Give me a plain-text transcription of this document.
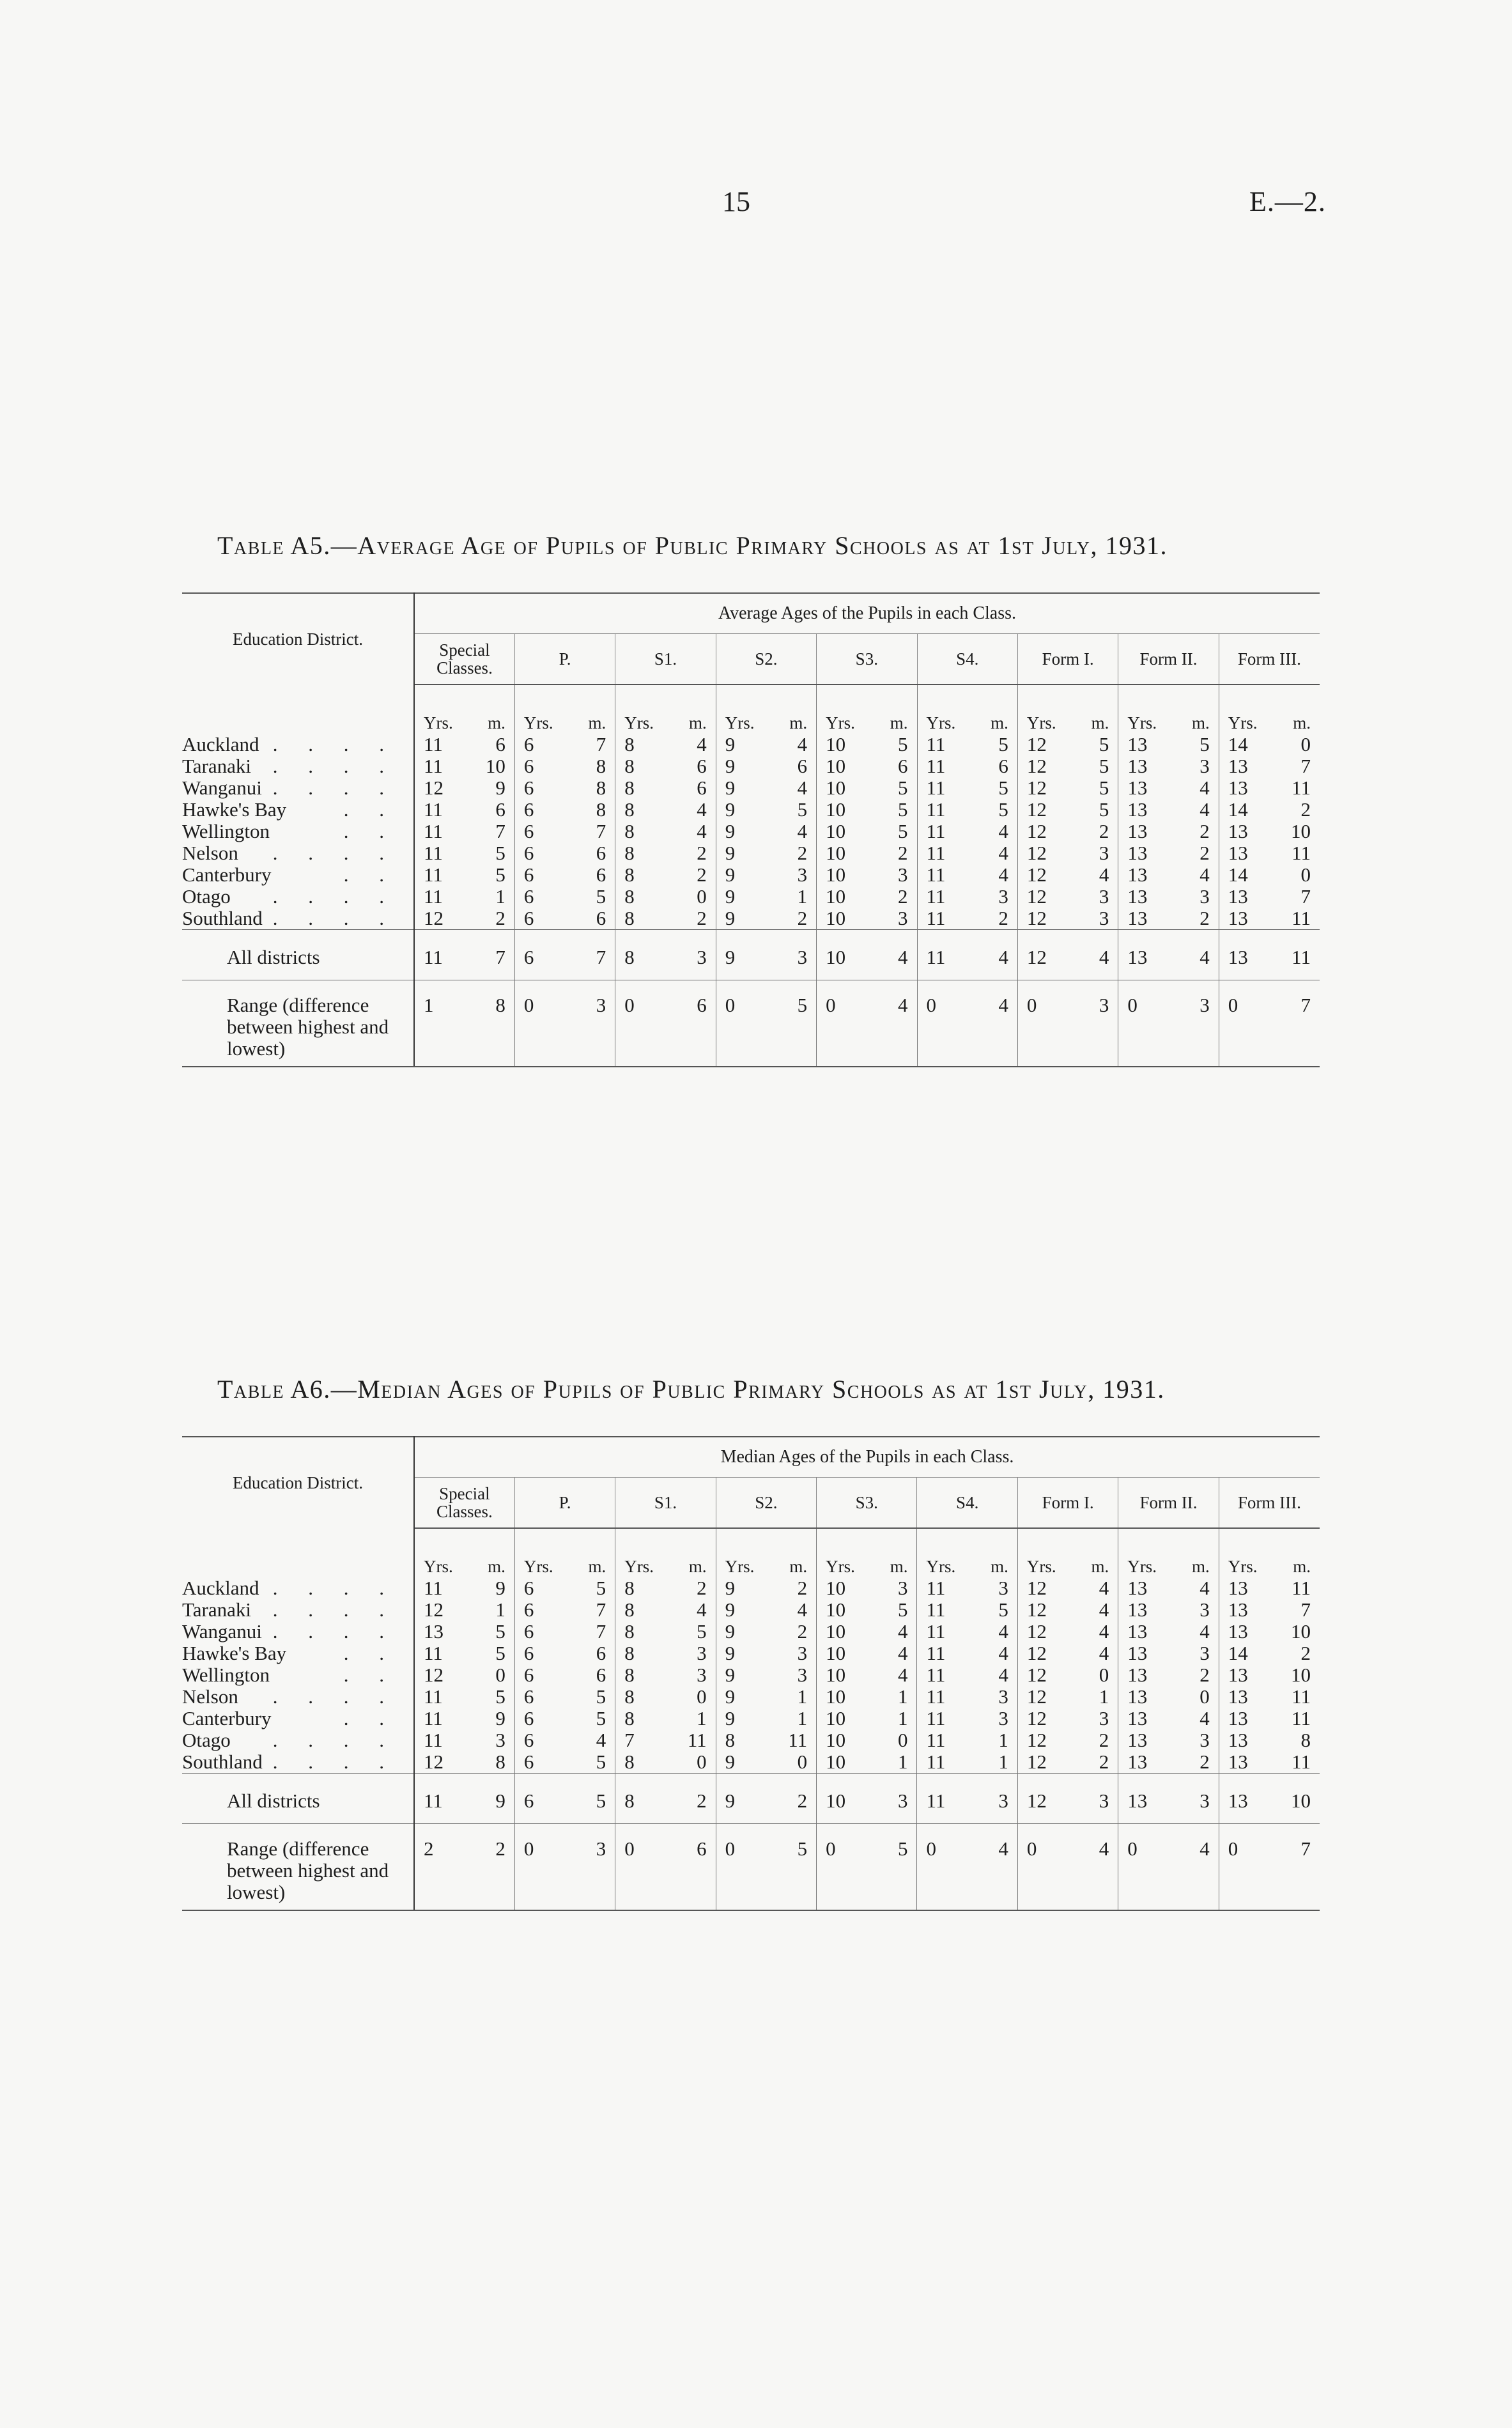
15	E.—2.
Table A5.—Average Age of Pupils of Public Primary Schools as at 1st July, 1931.
Education District.	Average Ages of the Pupils in each Class.																	
	Special Classes.		P.		S1.		S2.		S3.		S4.		Form I.		Form II.		Form III.	
	Yrs.	m.	Yrs.	m.	Yrs.	m.	Yrs.	m.	Yrs.	m.	Yrs.	m.	Yrs.	m.	Yrs.	m.	Yrs.	m.
Auckland . . . .	11	6	6	7	8	4	9	4	10	5	11	5	12	5	13	5	14	0
Taranaki . . . .	11	10	6	8	8	6	9	6	10	6	11	6	12	5	13	3	13	7
Wanganui . . . .	12	9	6	8	8	6	9	4	10	5	11	5	12	5	13	4	13	11
Hawke's Bay . .	11	6	6	8	8	4	9	5	10	5	11	5	12	5	13	4	14	2
Wellington . .	11	7	6	7	8	4	9	4	10	5	11	4	12	2	13	2	13	10
Nelson . . . .	11	5	6	6	8	2	9	2	10	2	11	4	12	3	13	2	13	11
Canterbury . .	11	5	6	6	8	2	9	3	10	3	11	4	12	4	13	4	14	0
Otago . . . .	11	1	6	5	8	0	9	1	10	2	11	3	12	3	13	3	13	7
Southland . . . .	12	2	6	6	8	2	9	2	10	3	11	2	12	3	13	2	13	11

All districts	11	7	6	7	8	3	9	3	10	4	11	4	12	4	13	4	13	11

Range (difference between highest and lowest)	1	8	0	3	0	6	0	5	0	4	0	4	0	3	0	3	0	7
Table A6.—Median Ages of Pupils of Public Primary Schools as at 1st July, 1931.
Education District.	Median Ages of the Pupils in each Class.																	
	Special Classes.		P.		S1.		S2.		S3.		S4.		Form I.		Form II.		Form III.	
	Yrs.	m.	Yrs.	m.	Yrs.	m.	Yrs.	m.	Yrs.	m.	Yrs.	m.	Yrs.	m.	Yrs.	m.	Yrs.	m.
Auckland . . . .	11	9	6	5	8	2	9	2	10	3	11	3	12	4	13	4	13	11
Taranaki . . . .	12	1	6	7	8	4	9	4	10	5	11	5	12	4	13	3	13	7
Wanganui . . . .	13	5	6	7	8	5	9	2	10	4	11	4	12	4	13	4	13	10
Hawke's Bay . .	11	5	6	6	8	3	9	3	10	4	11	4	12	4	13	3	14	2
Wellington . .	12	0	6	6	8	3	9	3	10	4	11	4	12	0	13	2	13	10
Nelson . . . .	11	5	6	5	8	0	9	1	10	1	11	3	12	1	13	0	13	11
Canterbury . .	11	9	6	5	8	1	9	1	10	1	11	3	12	3	13	4	13	11
Otago . . . .	11	3	6	4	7	11	8	11	10	0	11	1	12	2	13	3	13	8
Southland . . . .	12	8	6	5	8	0	9	0	10	1	11	1	12	2	13	2	13	11

All districts	11	9	6	5	8	2	9	2	10	3	11	3	12	3	13	3	13	10

Range (difference between highest and lowest)	2	2	0	3	0	6	0	5	0	5	0	4	0	4	0	4	0	7
